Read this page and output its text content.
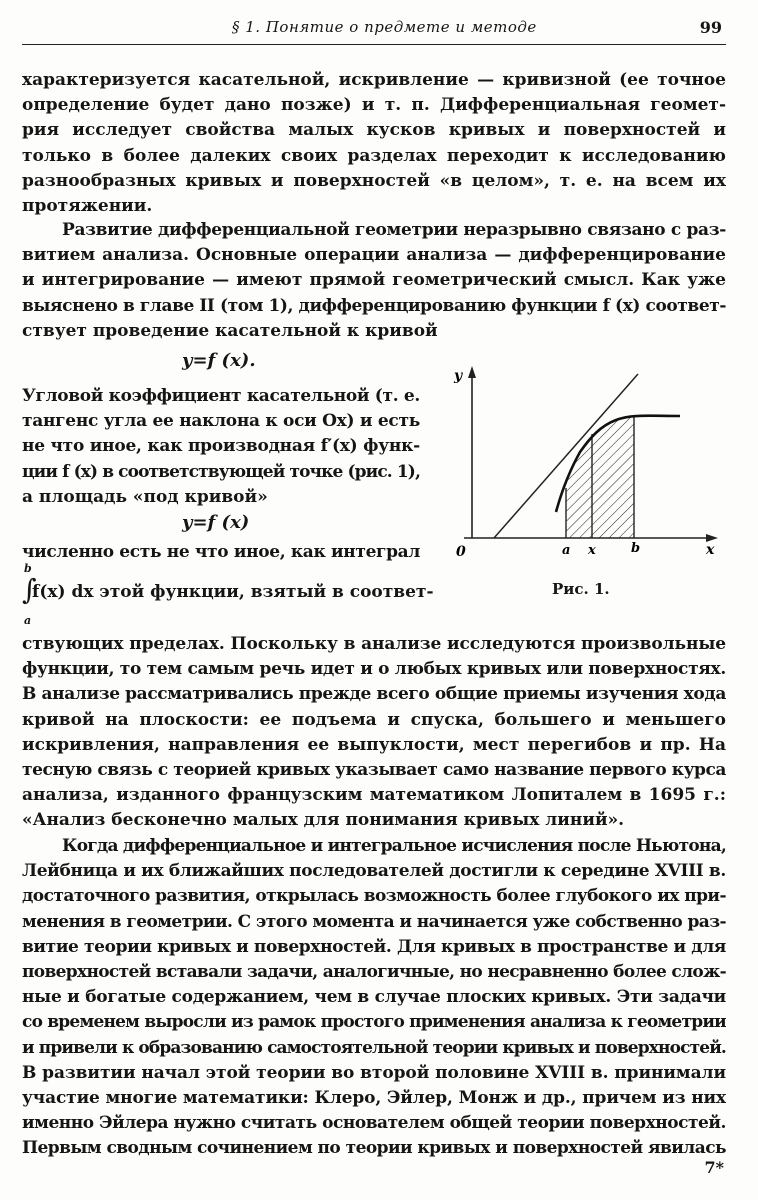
§ 1. Понятие о предмете и методе	99
характеризуется касательной, искривление — кривизной (ее точное
определение будет дано позже) и т. п. Дифференциальная геомет-
рия исследует свойства малых кусков кривых и поверхностей и
только в более далеких своих разделах переходит к исследованию
разнообразных кривых и поверхностей «в целом», т. е. на всем их
протяжении.
Развитие дифференциальной геометрии неразрывно связано с раз-
витием анализа. Основные операции анализа — дифференцирование
и интегрирование — имеют прямой геометрический смысл. Как уже
выяснено в главе II (том 1), дифференцированию функции f (x) соответ-
ствует проведение касательной к кривой
y=f (x).
Угловой коэффициент касательной (т. е.
тангенс угла ее наклона к оси Ox) и есть
не что иное, как производная f′(x) функ-
ции f (x) в соответствующей точке (рис. 1),
а площадь «под кривой»
y=f (x)
численно есть не что иное, как интеграл
b
∫
a
f(x) dx этой функции, взятый в соответ-
y
0	a x	b	x
Рис. 1.
ствующих пределах. Поскольку в анализе исследуются произвольные
функции, то тем самым речь идет и о любых кривых или поверхностях.
В анализе рассматривались прежде всего общие приемы изучения хода
кривой на плоскости: ее подъема и спуска, большего и меньшего
искривления, направления ее выпуклости, мест перегибов и пр. На
тесную связь с теорией кривых указывает само название первого курса
анализа, изданного французским математиком Лопиталем в 1695 г.:
«Анализ бесконечно малых для понимания кривых линий».
Когда дифференциальное и интегральное исчисления после Ньютона,
Лейбница и их ближайших последователей достигли к середине XVIII в.
достаточного развития, открылась возможность более глубокого их при-
менения в геометрии. С этого момента и начинается уже собственно раз-
витие теории кривых и поверхностей. Для кривых в пространстве и для
поверхностей вставали задачи, аналогичные, но несравненно более слож-
ные и богатые содержанием, чем в случае плоских кривых. Эти задачи
со временем выросли из рамок простого применения анализа к геометрии
и привели к образованию самостоятельной теории кривых и поверхностей.
В развитии начал этой теории во второй половине XVIII в. принимали
участие многие математики: Клеро, Эйлер, Монж и др., причем из них
именно Эйлера нужно считать основателем общей теории поверхностей.
Первым сводным сочинением по теории кривых и поверхностей явилась
7*
